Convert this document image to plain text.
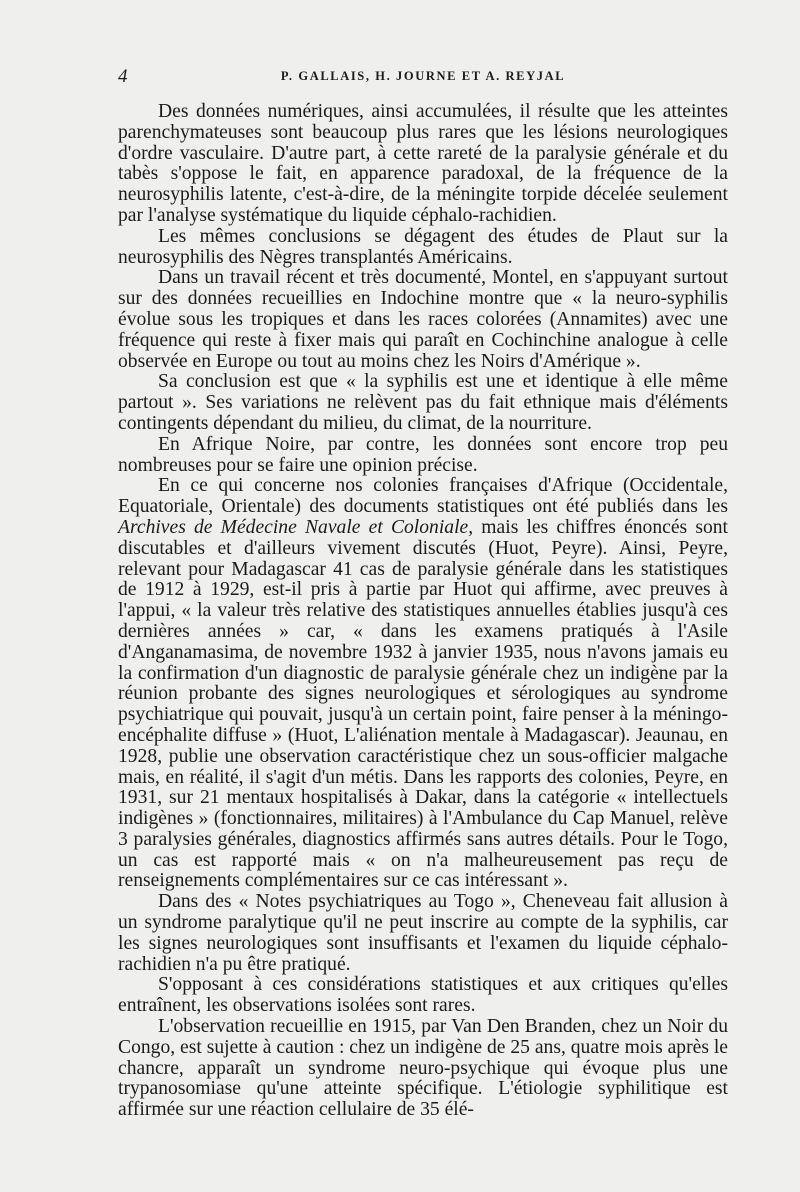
4	P. GALLAIS, H. JOURNE ET A. REYJAL

Des données numériques, ainsi accumulées, il résulte que les atteintes parenchymateuses sont beaucoup plus rares que les lésions neurologiques d'ordre vasculaire. D'autre part, à cette rareté de la paralysie générale et du tabès s'oppose le fait, en apparence paradoxal, de la fréquence de la neurosyphilis latente, c'est-à-dire, de la méningite torpide décelée seulement par l'analyse systématique du liquide céphalo-rachidien.

Les mêmes conclusions se dégagent des études de Plaut sur la neurosyphilis des Nègres transplantés Américains.

Dans un travail récent et très documenté, Montel, en s'appuyant surtout sur des données recueillies en Indochine montre que « la neuro-syphilis évolue sous les tropiques et dans les races colorées (Annamites) avec une fréquence qui reste à fixer mais qui paraît en Cochinchine analogue à celle observée en Europe ou tout au moins chez les Noirs d'Amérique ».

Sa conclusion est que « la syphilis est une et identique à elle même partout ». Ses variations ne relèvent pas du fait ethnique mais d'éléments contingents dépendant du milieu, du climat, de la nourriture.

En Afrique Noire, par contre, les données sont encore trop peu nombreuses pour se faire une opinion précise.

En ce qui concerne nos colonies françaises d'Afrique (Occidentale, Equatoriale, Orientale) des documents statistiques ont été publiés dans les Archives de Médecine Navale et Coloniale, mais les chiffres énoncés sont discutables et d'ailleurs vivement discutés (Huot, Peyre). Ainsi, Peyre, relevant pour Madagascar 41 cas de paralysie générale dans les statistiques de 1912 à 1929, est-il pris à partie par Huot qui affirme, avec preuves à l'appui, « la valeur très relative des statistiques annuelles établies jusqu'à ces dernières années » car, « dans les examens pratiqués à l'Asile d'Anganamasima, de novembre 1932 à janvier 1935, nous n'avons jamais eu la confirmation d'un diagnostic de paralysie générale chez un indigène par la réunion probante des signes neurologiques et sérologiques au syndrome psychiatrique qui pouvait, jusqu'à un certain point, faire penser à la méningo-encéphalite diffuse » (Huot, L'aliénation mentale à Madagascar). Jeaunau, en 1928, publie une observation caractéristique chez un sous-officier malgache mais, en réalité, il s'agit d'un métis. Dans les rapports des colonies, Peyre, en 1931, sur 21 mentaux hospitalisés à Dakar, dans la catégorie « intellectuels indigènes » (fonctionnaires, militaires) à l'Ambulance du Cap Manuel, relève 3 paralysies générales, diagnostics affirmés sans autres détails. Pour le Togo, un cas est rapporté mais « on n'a malheureusement pas reçu de renseignements complémentaires sur ce cas intéressant ».

Dans des « Notes psychiatriques au Togo », Cheneveau fait allusion à un syndrome paralytique qu'il ne peut inscrire au compte de la syphilis, car les signes neurologiques sont insuffisants et l'examen du liquide céphalo-rachidien n'a pu être pratiqué.

S'opposant à ces considérations statistiques et aux critiques qu'elles entraînent, les observations isolées sont rares.

L'observation recueillie en 1915, par Van Den Branden, chez un Noir du Congo, est sujette à caution : chez un indigène de 25 ans, quatre mois après le chancre, apparaît un syndrome neuro-psychique qui évoque plus une trypanosomiase qu'une atteinte spécifique. L'étiologie syphilitique est affirmée sur une réaction cellulaire de 35 élé-
